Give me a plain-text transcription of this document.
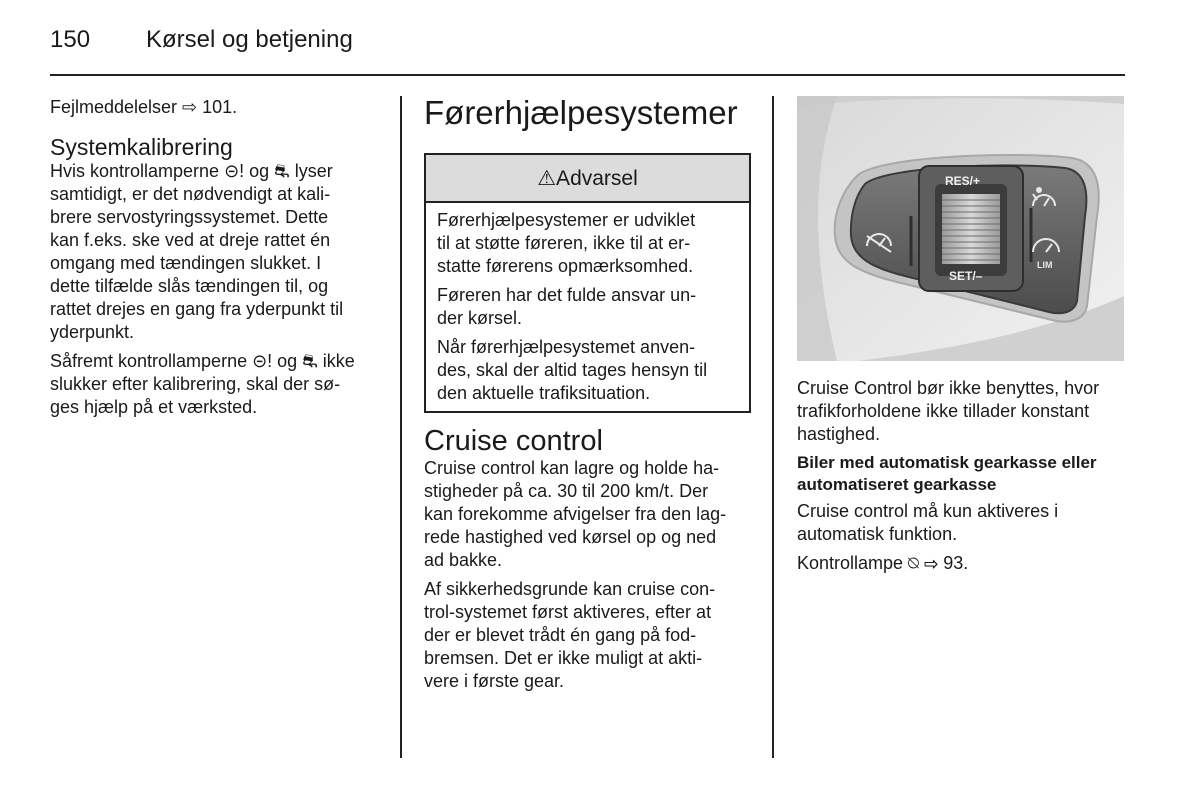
150 Kørsel og betjening

Fejlmeddelelser ⇨ 101.

Systemkalibrering

Hvis kontrollamperne ⊝! og ⛐ lyser
samtidigt, er det nødvendigt at kali-
brere servostyringssystemet. Dette
kan f.eks. ske ved at dreje rattet én
omgang med tændingen slukket. I
dette tilfælde slås tændingen til, og
rattet drejes en gang fra yderpunkt til
yderpunkt.

Såfremt kontrollamperne ⊝! og ⛐ ikke
slukker efter kalibrering, skal der sø-
ges hjælp på et værksted.

Førerhjælpesystemer
⚠Advarsel

Førerhjælpesystemer er udviklet
til at støtte føreren, ikke til at er-
statte førerens opmærksomhed.

Føreren har det fulde ansvar un-
der kørsel.

Når førerhjælpesystemet anven-
des, skal der altid tages hensyn til
den aktuelle trafiksituation.

Cruise control

Cruise control kan lagre og holde ha-
stigheder på ca. 30 til 200 km/t. Der
kan forekomme afvigelser fra den lag-
rede hastighed ved kørsel op og ned
ad bakke.

Af sikkerhedsgrunde kan cruise con-
trol-systemet først aktiveres, efter at
der er blevet trådt én gang på fod-
bremsen. Det er ikke muligt at akti-
vere i første gear.

RES/+
SET/–
LIM

Cruise Control bør ikke benyttes, hvor
trafikforholdene ikke tillader konstant
hastighed.

Biler med automatisk gearkasse eller
automatiseret gearkasse

Cruise control må kun aktiveres i
automatisk funktion.

Kontrollampe ⍉ ⇨ 93.
